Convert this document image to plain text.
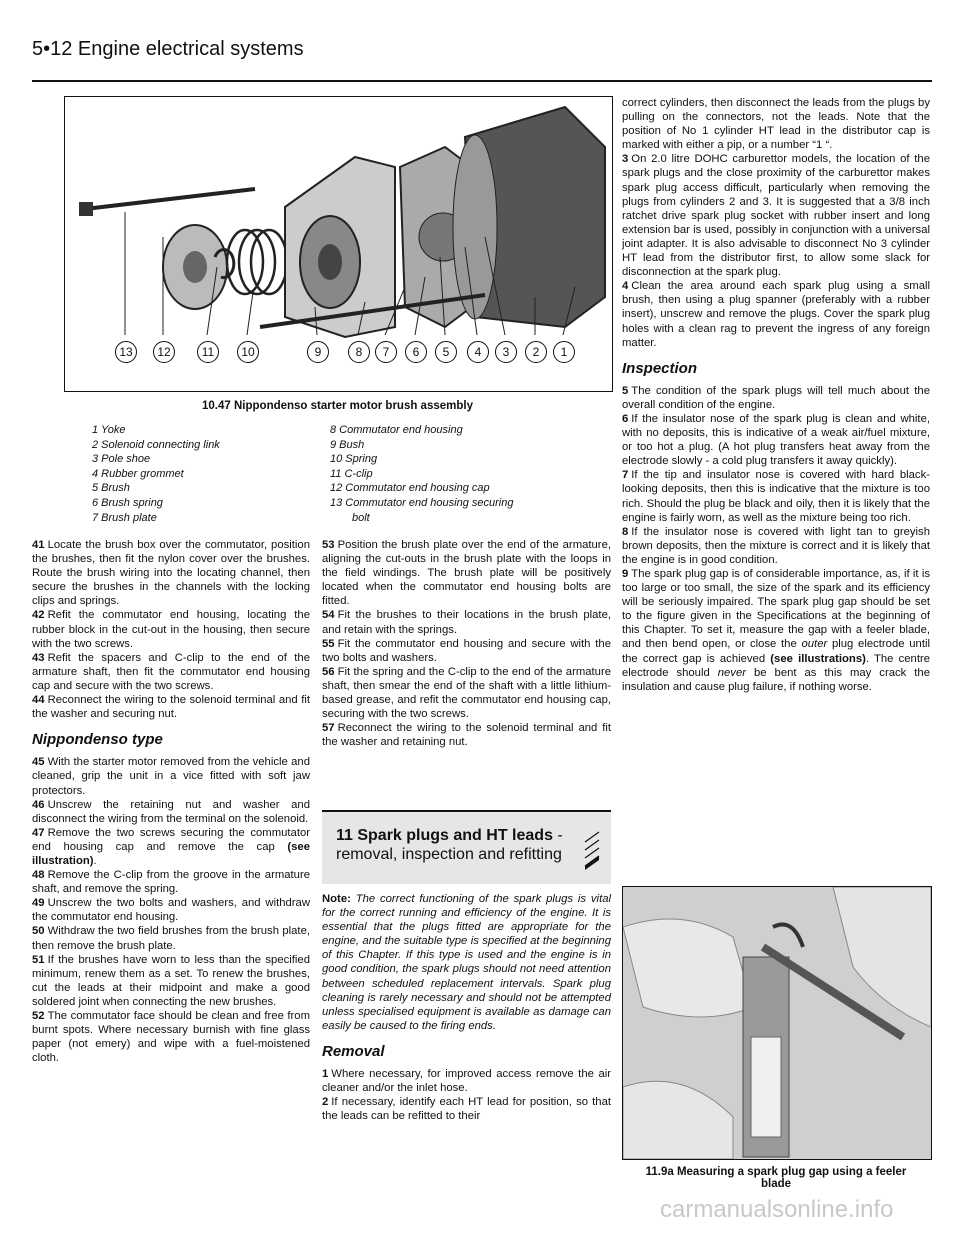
5•12 Engine electrical systems
13	12	11	10	9	8	7	6	5	4	3	2	1
10.47 Nippondenso starter motor brush assembly
1 Yoke
2 Solenoid connecting link
3 Pole shoe
4 Rubber grommet
5 Brush
6 Brush spring
7 Brush plate
8 Commutator end housing
9 Bush
10 Spring
11 C-clip
12 Commutator end housing cap
13 Commutator end housing securing
bolt

41 Locate the brush box over the commutator, position the brushes, then fit the nylon cover over the brushes. Route the brush wiring into the locating channel, then secure the brushes in the channels with the locking clips and springs.

42 Refit the commutator end housing, locating the rubber block in the cut-out in the housing, then secure with the two screws.

43 Refit the spacers and C-clip to the end of the armature shaft, then fit the commutator end housing cap and secure with the two screws.

44 Reconnect the wiring to the solenoid terminal and fit the washer and securing nut.

Nippondenso type

45 With the starter motor removed from the vehicle and cleaned, grip the unit in a vice fitted with soft jaw protectors.

46 Unscrew the retaining nut and washer and disconnect the wiring from the terminal on the solenoid.

47 Remove the two screws securing the commutator end housing cap and remove the cap (see illustration).

48 Remove the C-clip from the groove in the armature shaft, and remove the spring.

49 Unscrew the two bolts and washers, and withdraw the commutator end housing.

50 Withdraw the two field brushes from the brush plate, then remove the brush plate.

51 If the brushes have worn to less than the specified minimum, renew them as a set. To renew the brushes, cut the leads at their midpoint and make a good soldered joint when connecting the new brushes.

52 The commutator face should be clean and free from burnt spots. Where necessary burnish with fine glass paper (not emery) and wipe with a fuel-moistened cloth.

53 Position the brush plate over the end of the armature, aligning the cut-outs in the brush plate with the loops in the field windings. The brush plate will be positively located when the commutator end housing bolts are fitted.

54 Fit the brushes to their locations in the brush plate, and retain with the springs.

55 Fit the commutator end housing and secure with the two bolts and washers.

56 Fit the spring and the C-clip to the end of the armature shaft, then smear the end of the shaft with a little lithium-based grease, and refit the commutator end housing cap, securing with the two screws.

57 Reconnect the wiring to the solenoid terminal and fit the washer and retaining nut.

11 Spark plugs and HT leads - removal, inspection and refitting

Note: The correct functioning of the spark plugs is vital for the correct running and efficiency of the engine. It is essential that the plugs fitted are appropriate for the engine, and the suitable type is specified at the beginning of this Chapter. If this type is used and the engine is in good condition, the spark plugs should not need attention between scheduled replacement intervals. Spark plug cleaning is rarely necessary and should not be attempted unless specialised equipment is available as damage can easily be caused to the firing ends.

Removal

1 Where necessary, for improved access remove the air cleaner and/or the inlet hose.

2 If necessary, identify each HT lead for position, so that the leads can be refitted to their

correct cylinders, then disconnect the leads from the plugs by pulling on the connectors, not the leads. Note that the position of No 1 cylinder HT lead in the distributor cap is marked with either a pip, or a number “1 “.

3 On 2.0 litre DOHC carburettor models, the location of the spark plugs and the close proximity of the carburettor makes spark plug access difficult, particularly when removing the plugs from cylinders 2 and 3. It is suggested that a 3/8 inch ratchet drive spark plug socket with rubber insert and long extension bar is used, possibly in conjunction with a universal joint adapter. It is also advisable to disconnect No 3 cylinder HT lead from the distributor first, to allow some slack for disconnection at the spark plug.

4 Clean the area around each spark plug using a small brush, then using a plug spanner (preferably with a rubber insert), unscrew and remove the plugs. Cover the spark plug holes with a clean rag to prevent the ingress of any foreign matter.

Inspection

5 The condition of the spark plugs will tell much about the overall condition of the engine.

6 If the insulator nose of the spark plug is clean and white, with no deposits, this is indicative of a weak air/fuel mixture, or too hot a plug. (A hot plug transfers heat away from the electrode slowly - a cold plug transfers it away quickly).

7 If the tip and insulator nose is covered with hard black-looking deposits, then this is indicative that the mixture is too rich. Should the plug be black and oily, then it is likely that the engine is fairly worn, as well as the mixture being too rich.

8 If the insulator nose is covered with light tan to greyish brown deposits, then the mixture is correct and it is likely that the engine is in good condition.

9 The spark plug gap is of considerable importance, as, if it is too large or too small, the size of the spark and its efficiency will be seriously impaired. The spark plug gap should be set to the figure given in the Specifications at the beginning of this Chapter. To set it, measure the gap with a feeler blade, and then bend open, or close the outer plug electrode until the correct gap is achieved (see illustrations). The centre electrode should never be bent as this may crack the insulation and cause plug failure, if nothing worse.

11.9a Measuring a spark plug gap using a feeler blade
carmanualsonline.info
